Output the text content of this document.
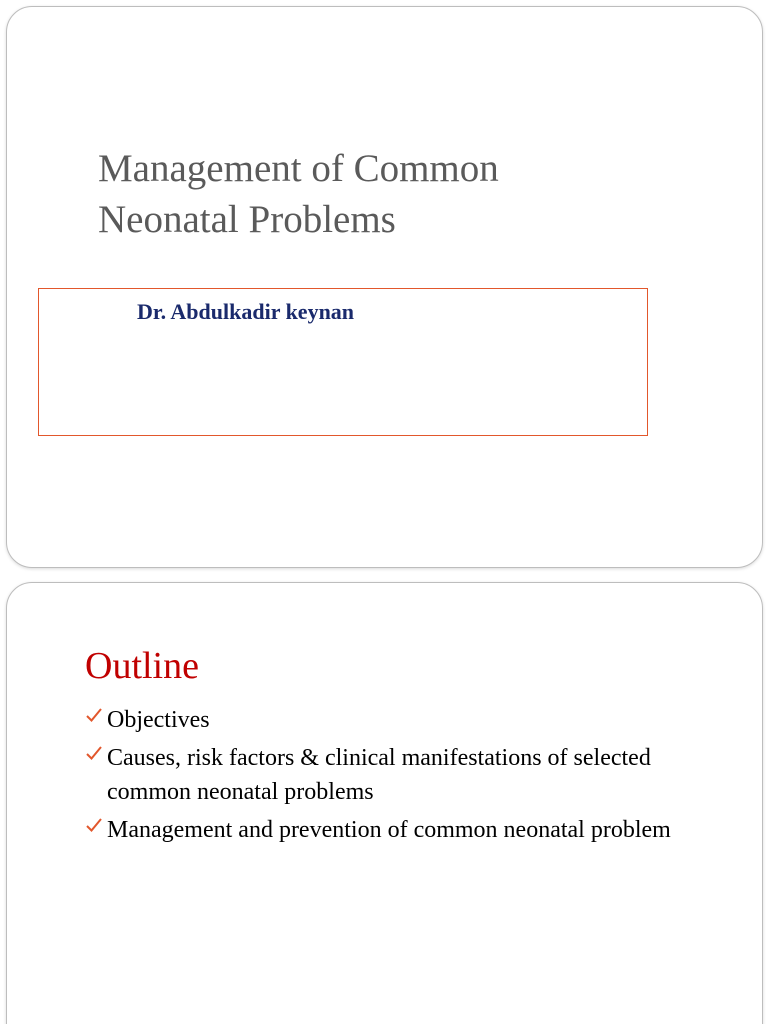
Management of Common
Neonatal Problems

Dr. Abdulkadir keynan

Outline
Objectives
Causes, risk factors & clinical manifestations of selected common neonatal problems
Management and prevention of common neonatal problem
